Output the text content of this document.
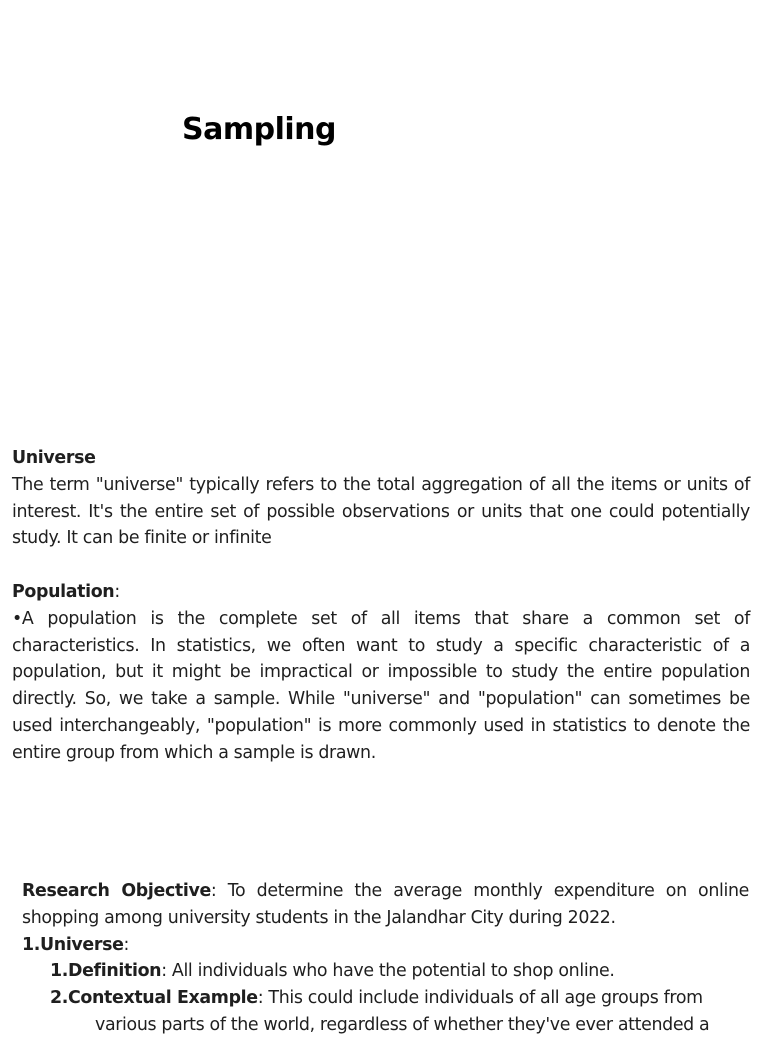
Sampling

Universe

The term "universe" typically refers to the total aggregation of all the items or units of interest. It's the entire set of possible observations or units that one could potentially study. It can be finite or infinite

Population:

•A population is the complete set of all items that share a common set of characteristics. In statistics, we often want to study a specific characteristic of a population, but it might be impractical or impossible to study the entire population directly. So, we take a sample. While "universe" and "population" can sometimes be used interchangeably, "population" is more commonly used in statistics to denote the entire group from which a sample is drawn.

Research Objective: To determine the average monthly expenditure on online shopping among university students in the Jalandhar City during 2022.

1. Universe:
1. Definition: All individuals who have the potential to shop online.
2. Contextual Example: This could include individuals of all age groups from
various parts of the world, regardless of whether they've ever attended a
